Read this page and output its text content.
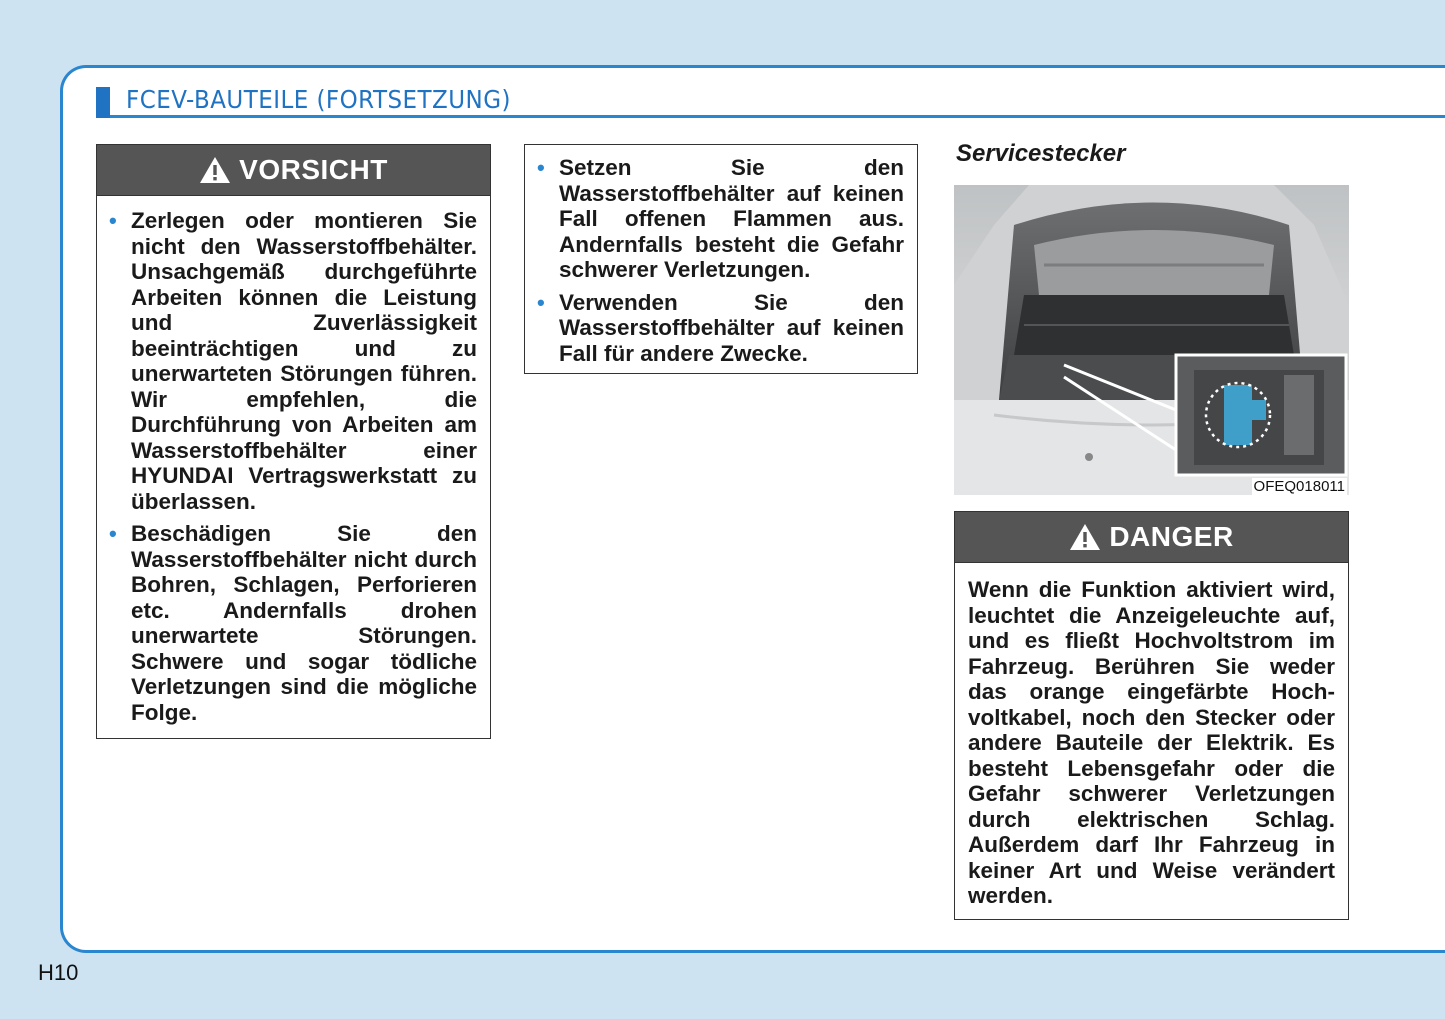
FCEV-BAUTEILE (FORTSETZUNG)
VORSICHT
• Zerlegen oder montieren Sie nicht den Wasserstoffbehälter. Unsachgemäß durchgeführte Arbeiten können die Leistung und Zuverlässigkeit beeinträchtigen und zu unerwarteten Störungen führen. Wir empfehlen, die Durchführung von Arbeiten am Wasserstoffbehälter einer HYUNDAI Vertragswerkstatt zu überlassen.
• Beschädigen Sie den Wasserstoffbehälter nicht durch Bohren, Schlagen, Perforieren etc. Andernfalls drohen unerwartete Störungen. Schwere und sogar tödliche Verletzungen sind die mögliche Folge.
• Setzen Sie den Wasserstoffbehälter auf keinen Fall offenen Flammen aus. Andernfalls besteht die Gefahr schwerer Verletzungen.
• Verwenden Sie den Wasserstoffbehälter auf keinen Fall für andere Zwecke.
Servicestecker
OFEQ018011
DANGER
Wenn die Funktion aktiviert wird, leuchtet die Anzeigeleuchte auf, und es fließt Hochvoltstrom im Fahrzeug. Berühren Sie weder das orange eingefärbte Hoch-voltkabel, noch den Stecker oder andere Bauteile der Elektrik. Es besteht Lebensgefahr oder die Gefahr schwerer Verletzungen durch elektrischen Schlag. Außerdem darf Ihr Fahrzeug in keiner Art und Weise verändert werden.
H10
